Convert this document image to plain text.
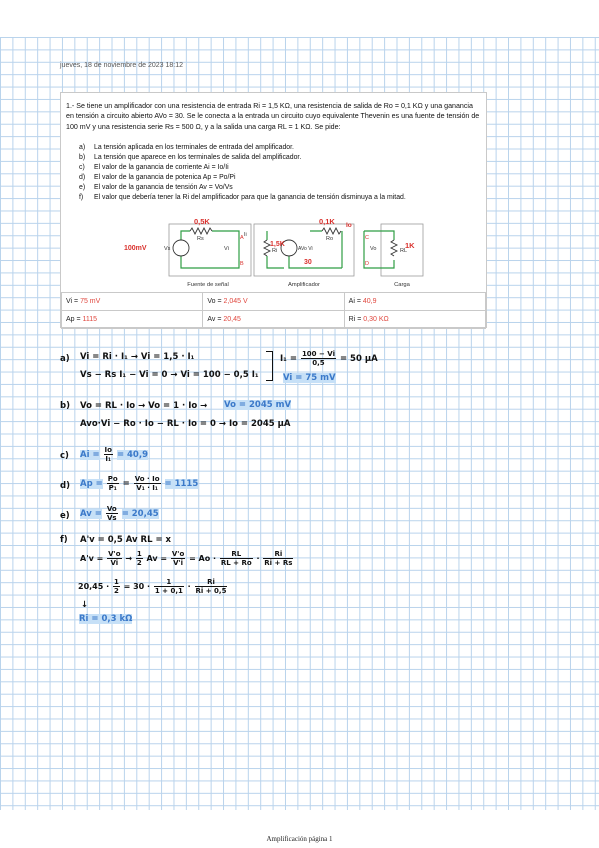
jueves, 18 de noviembre de 2023 18:12
1.- Se tiene un amplificador con una resistencia de entrada Ri = 1,5 KΩ, una resistencia de salida de Ro = 0,1 KΩ y una ganancia en tensión a circuito abierto AVo = 30. Se le conecta a la entrada un circuito cuyo equivalente Thevenin es una fuente de tensión de 100 mV y una resistencia serie Rs = 500 Ω, y a la salida una carga RL = 1 KΩ. Se pide:
a) La tensión aplicada en los terminales de entrada del amplificador.
b) La tensión que aparece en los terminales de salida del amplificador.
c) El valor de la ganancia de corriente Ai = Io/Ii
d) El valor de la ganancia de potenica Ap = Po/Pi
e) El valor de la ganancia de tensión Av = Vo/Vs
f) El valor que debería tener la Ri del amplificador para que la ganancia de tensión disminuya a la mitad.
0,5K	0,1K
100mV
1,5K	1K
30
Io
Vs
Rs
Ri
Vi
Ii
Ro
Vo	RL
AVo Vi
A
B
C
D
Fuente de señal	Amplificador	Carga
Vi = 75 mV	Vo = 2,045 V	Ai = 40,9
Ap = 1115	Av = 20,45	Ri = 0,30 KΩ
a) Vi = Ri · I₁ → Vi = 1,5 · I₁
Vs − Rs I₁ − Vi = 0 → Vi = 100 − 0,5 I₁
$I_1 = \frac{100 - Vi}{0,5} = 50$ μA
Vi = 75 mV
b) Vo = RL · Io → Vo = 1 · Io → Vo = 2045 mV
Avo·Vi − Ro · Io − RL · Io = 0 → Io = 2045 μA
c) $Ai = \frac{Io}{\text{I₁}} = 40,9$
d) $Ap = \frac{Po}{\text{P₁}} = \frac{Vo \cdot Io}{\text{V₁ · I₁}} = 1115$
e) $Av = \frac{Vo}{Vs} = 20,45$
f) A'v = 0,5 Av RL = x
$A'v = \frac{V'o}{Vi} \to \frac{1}{2}$ $Av = \frac{V'o}{V'i} = Ao \cdot \frac{RL}{RL + Ro} \cdot \frac{Ri}{Ri + Rs}$
$20,45 \cdot \frac{1}{2} = 30 \cdot \frac{1}{1 + 0,1} \cdot \frac{Ri}{Ri + 0,5}$
↓
Ri = 0,3 kΩ
Amplificación página 1
